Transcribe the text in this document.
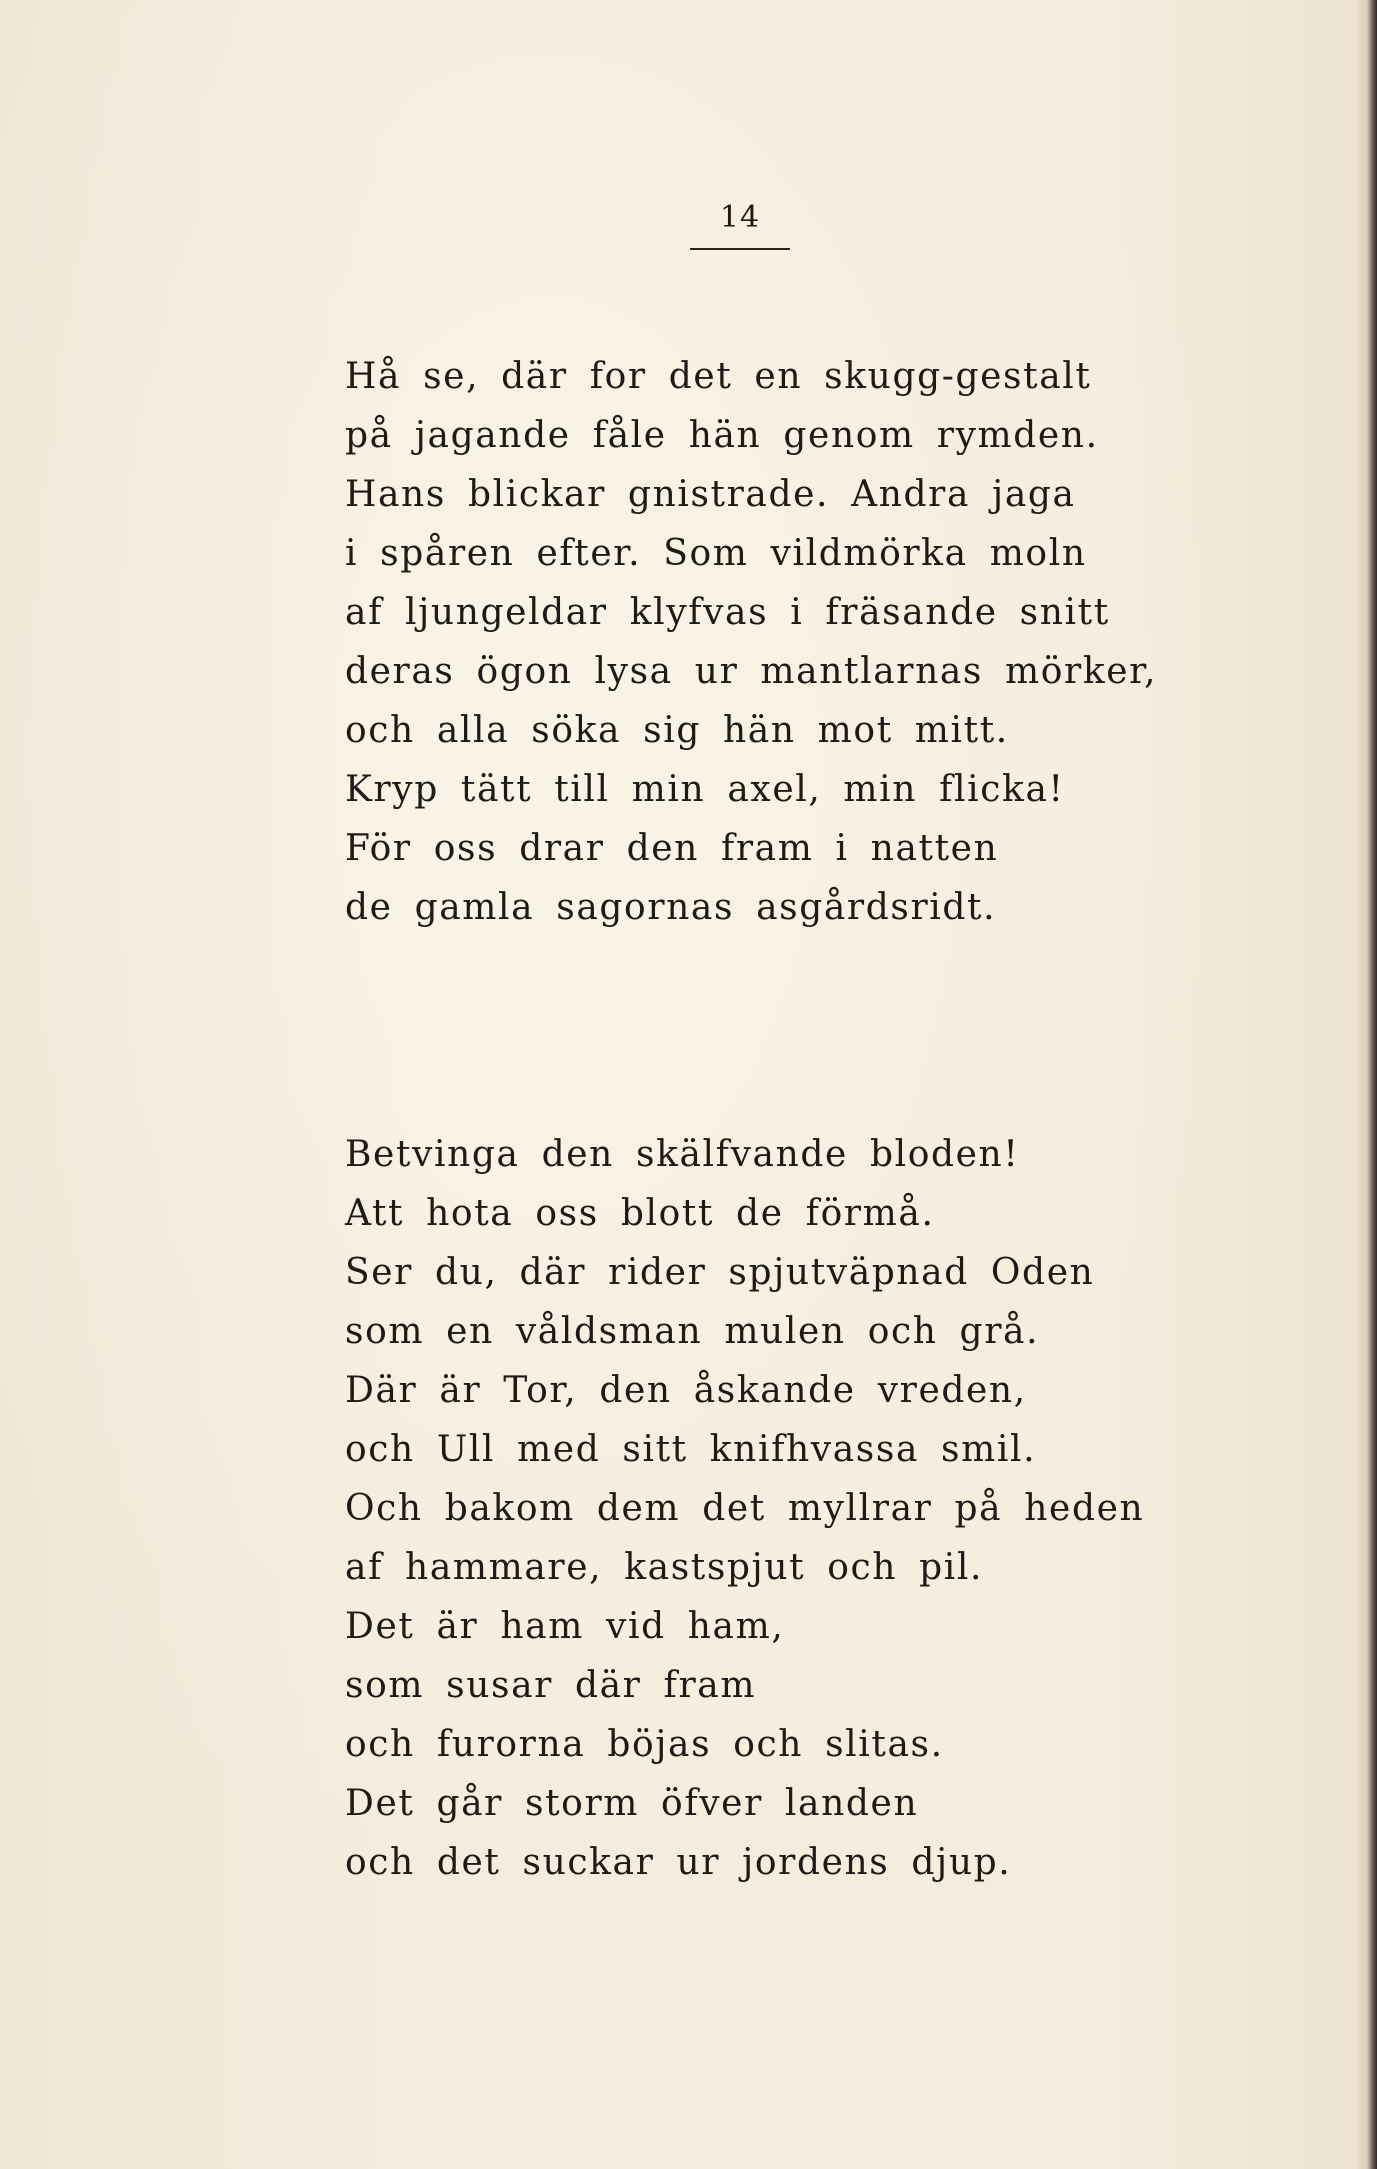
14

Hå se, där for det en skugg-gestalt
på jagande fåle hän genom rymden.
Hans blickar gnistrade. Andra jaga
i spåren efter. Som vildmörka moln
af ljungeldar klyfvas i fräsande snitt
deras ögon lysa ur mantlarnas mörker,
och alla söka sig hän mot mitt.
Kryp tätt till min axel, min flicka!
För oss drar den fram i natten
de gamla sagornas asgårdsridt.
Betvinga den skälfvande bloden!
Att hota oss blott de förmå.
Ser du, där rider spjutväpnad Oden
som en våldsman mulen och grå.
Där är Tor, den åskande vreden,
och Ull med sitt knifhvassa smil.
Och bakom dem det myllrar på heden
af hammare, kastspjut och pil.
Det är ham vid ham,
som susar där fram
och furorna böjas och slitas.
Det går storm öfver landen
och det suckar ur jordens djup.
